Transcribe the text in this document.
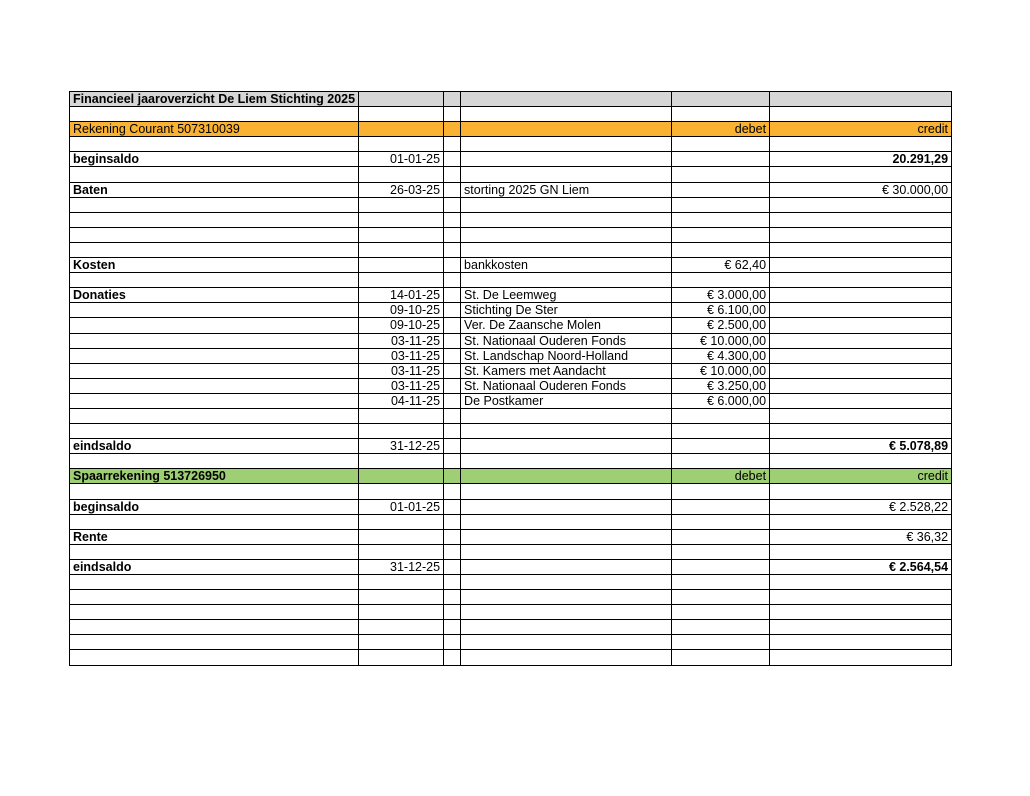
Financieel jaaroverzicht De Liem Stichting 2025					

Rekening Courant 507310039				debet	credit

beginsaldo	01-01-25				20.291,29

Baten	26-03-25		storting 2025 GN Liem		€ 30.000,00

Kosten			bankkosten	€ 62,40	

Donaties	14-01-25		St. De Leemweg	€ 3.000,00	
	09-10-25		Stichting De Ster	€ 6.100,00	
	09-10-25		Ver. De Zaansche Molen	€ 2.500,00	
	03-11-25		St. Nationaal Ouderen Fonds	€ 10.000,00	
	03-11-25		St. Landschap Noord-Holland	€ 4.300,00	
	03-11-25		St. Kamers met Aandacht	€ 10.000,00	
	03-11-25		St. Nationaal Ouderen Fonds	€ 3.250,00	
	04-11-25		De Postkamer	€ 6.000,00	

eindsaldo	31-12-25				€ 5.078,89

Spaarrekening 513726950				debet	credit

beginsaldo	01-01-25				€ 2.528,22

Rente					€ 36,32

eindsaldo	31-12-25				€ 2.564,54
